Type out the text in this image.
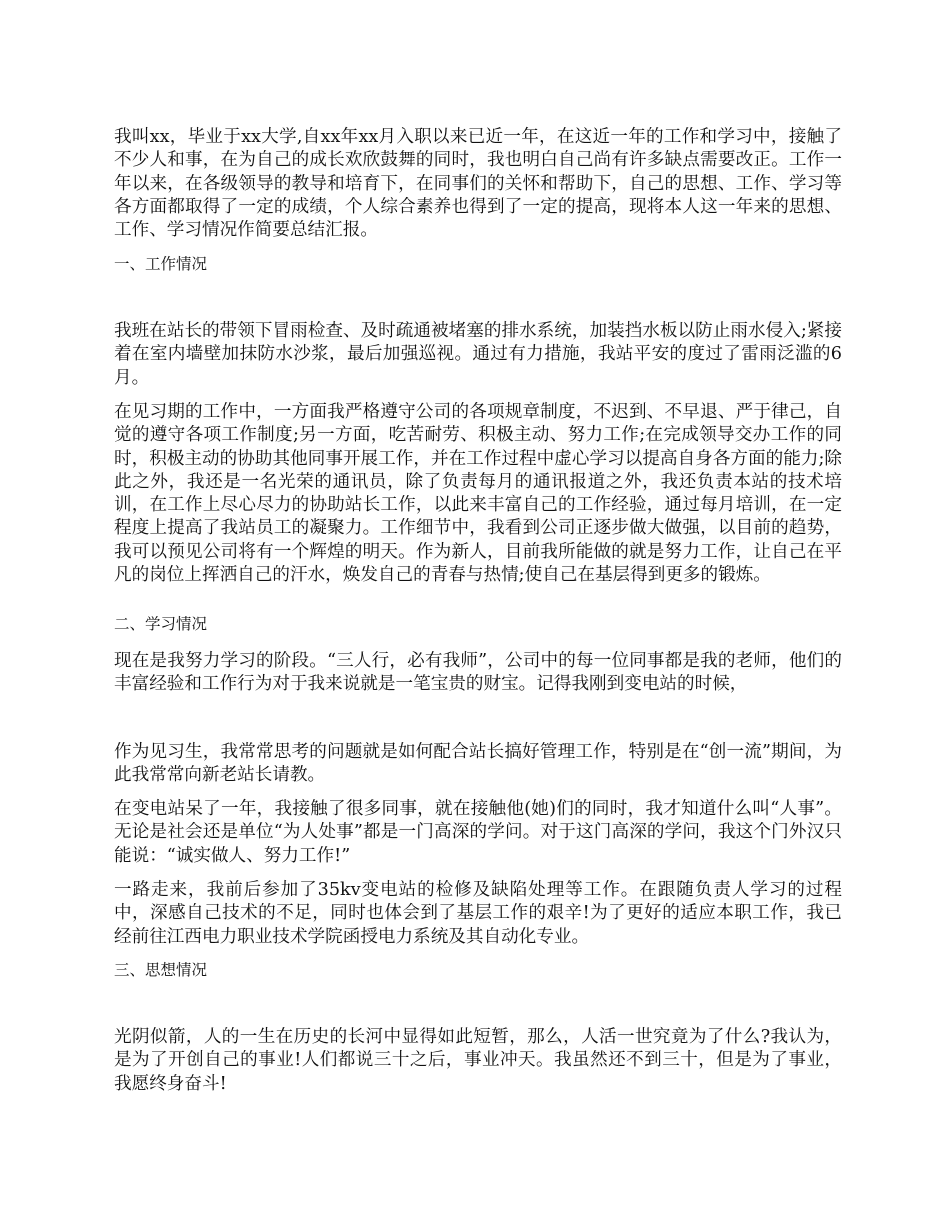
我叫xx，毕业于xx大学,自xx年xx月入职以来已近一年，在这近一年的工作和学习中，接触了不少人和事，在为自己的成长欢欣鼓舞的同时，我也明白自己尚有许多缺点需要改正。工作一年以来，在各级领导的教导和培育下，在同事们的关怀和帮助下，自己的思想、工作、学习等各方面都取得了一定的成绩，个人综合素养也得到了一定的提高，现将本人这一年来的思想、工作、学习情况作简要总结汇报。

一、工作情况

我班在站长的带领下冒雨检查、及时疏通被堵塞的排水系统，加装挡水板以防止雨水侵入;紧接着在室内墙壁加抹防水沙浆，最后加强巡视。通过有力措施，我站平安的度过了雷雨泛滥的6月。

在见习期的工作中，一方面我严格遵守公司的各项规章制度，不迟到、不早退、严于律己，自觉的遵守各项工作制度;另一方面，吃苦耐劳、积极主动、努力工作;在完成领导交办工作的同时，积极主动的协助其他同事开展工作，并在工作过程中虚心学习以提高自身各方面的能力;除此之外，我还是一名光荣的通讯员，除了负责每月的通讯报道之外，我还负责本站的技术培训，在工作上尽心尽力的协助站长工作，以此来丰富自己的工作经验，通过每月培训，在一定程度上提高了我站员工的凝聚力。工作细节中，我看到公司正逐步做大做强，以目前的趋势，我可以预见公司将有一个辉煌的明天。作为新人，目前我所能做的就是努力工作，让自己在平凡的岗位上挥洒自己的汗水，焕发自己的青春与热情;使自己在基层得到更多的锻炼。

二、学习情况

现在是我努力学习的阶段。“三人行，必有我师”，公司中的每一位同事都是我的老师，他们的丰富经验和工作行为对于我来说就是一笔宝贵的财宝。记得我刚到变电站的时候，

作为见习生，我常常思考的问题就是如何配合站长搞好管理工作，特别是在“创一流”期间，为此我常常向新老站长请教。

在变电站呆了一年，我接触了很多同事，就在接触他(她)们的同时，我才知道什么叫“人事”。无论是社会还是单位“为人处事”都是一门高深的学问。对于这门高深的学问，我这个门外汉只能说：“诚实做人、努力工作!”

一路走来，我前后参加了35kv变电站的检修及缺陷处理等工作。在跟随负责人学习的过程中，深感自己技术的不足，同时也体会到了基层工作的艰辛!为了更好的适应本职工作，我已经前往江西电力职业技术学院函授电力系统及其自动化专业。

三、思想情况

光阴似箭，人的一生在历史的长河中显得如此短暂，那么，人活一世究竟为了什么?我认为，是为了开创自己的事业!人们都说三十之后，事业冲天。我虽然还不到三十，但是为了事业，我愿终身奋斗!
